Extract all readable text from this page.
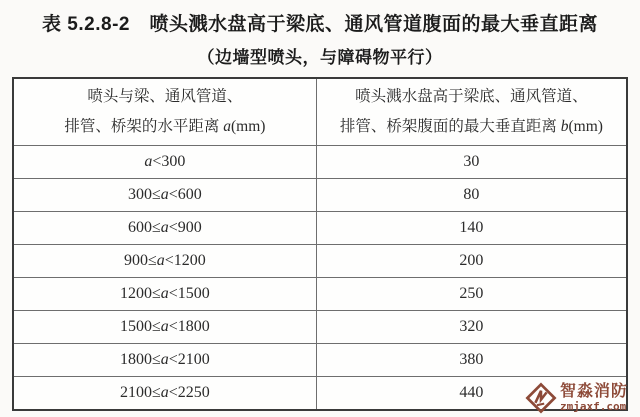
表 5.2.8-2　喷头溅水盘高于梁底、通风管道腹面的最大垂直距离
（边墙型喷头，与障碍物平行）
喷头与梁、通风管道、
排管、桥架的水平距离 a(mm)	喷头溅水盘高于梁底、通风管道、
排管、桥架腹面的最大垂直距离 b(mm)
a<300	30
300≤a<600	80
600≤a<900	140
900≤a<1200	200
1200≤a<1500	250
1500≤a<1800	320
1800≤a<2100	380
2100≤a<2250	440	智淼消防
zmjaxf.com
